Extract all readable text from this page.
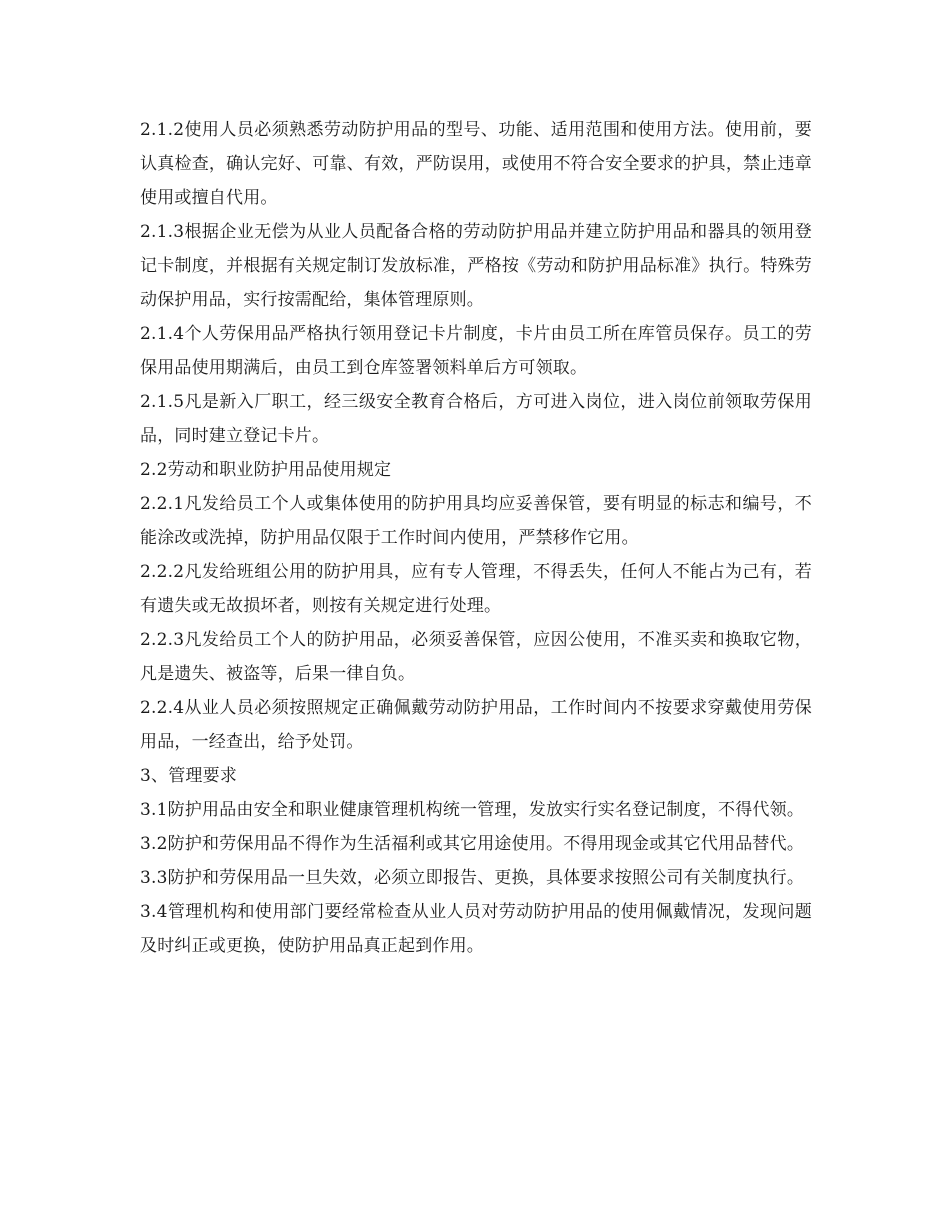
2.1.2使用人员必须熟悉劳动防护用品的型号、功能、适用范围和使用方法。使用前，要认真检查，确认完好、可靠、有效，严防误用，或使用不符合安全要求的护具，禁止违章使用或擅自代用。

2.1.3根据企业无偿为从业人员配备合格的劳动防护用品并建立防护用品和器具的领用登记卡制度，并根据有关规定制订发放标准，严格按《劳动和防护用品标准》执行。特殊劳动保护用品，实行按需配给，集体管理原则。

2.1.4个人劳保用品严格执行领用登记卡片制度，卡片由员工所在库管员保存。员工的劳保用品使用期满后，由员工到仓库签署领料单后方可领取。

2.1.5凡是新入厂职工，经三级安全教育合格后，方可进入岗位，进入岗位前领取劳保用品，同时建立登记卡片。

2.2劳动和职业防护用品使用规定

2.2.1凡发给员工个人或集体使用的防护用具均应妥善保管，要有明显的标志和编号，不能涂改或洗掉，防护用品仅限于工作时间内使用，严禁移作它用。

2.2.2凡发给班组公用的防护用具，应有专人管理，不得丢失，任何人不能占为己有，若有遗失或无故损坏者，则按有关规定进行处理。

2.2.3凡发给员工个人的防护用品，必须妥善保管，应因公使用，不准买卖和换取它物，凡是遗失、被盗等，后果一律自负。

2.2.4从业人员必须按照规定正确佩戴劳动防护用品，工作时间内不按要求穿戴使用劳保用品，一经查出，给予处罚。

3、管理要求

3.1防护用品由安全和职业健康管理机构统一管理，发放实行实名登记制度，不得代领。

3.2防护和劳保用品不得作为生活福利或其它用途使用。不得用现金或其它代用品替代。

3.3防护和劳保用品一旦失效，必须立即报告、更换，具体要求按照公司有关制度执行。

3.4管理机构和使用部门要经常检查从业人员对劳动防护用品的使用佩戴情况，发现问题及时纠正或更换，使防护用品真正起到作用。
